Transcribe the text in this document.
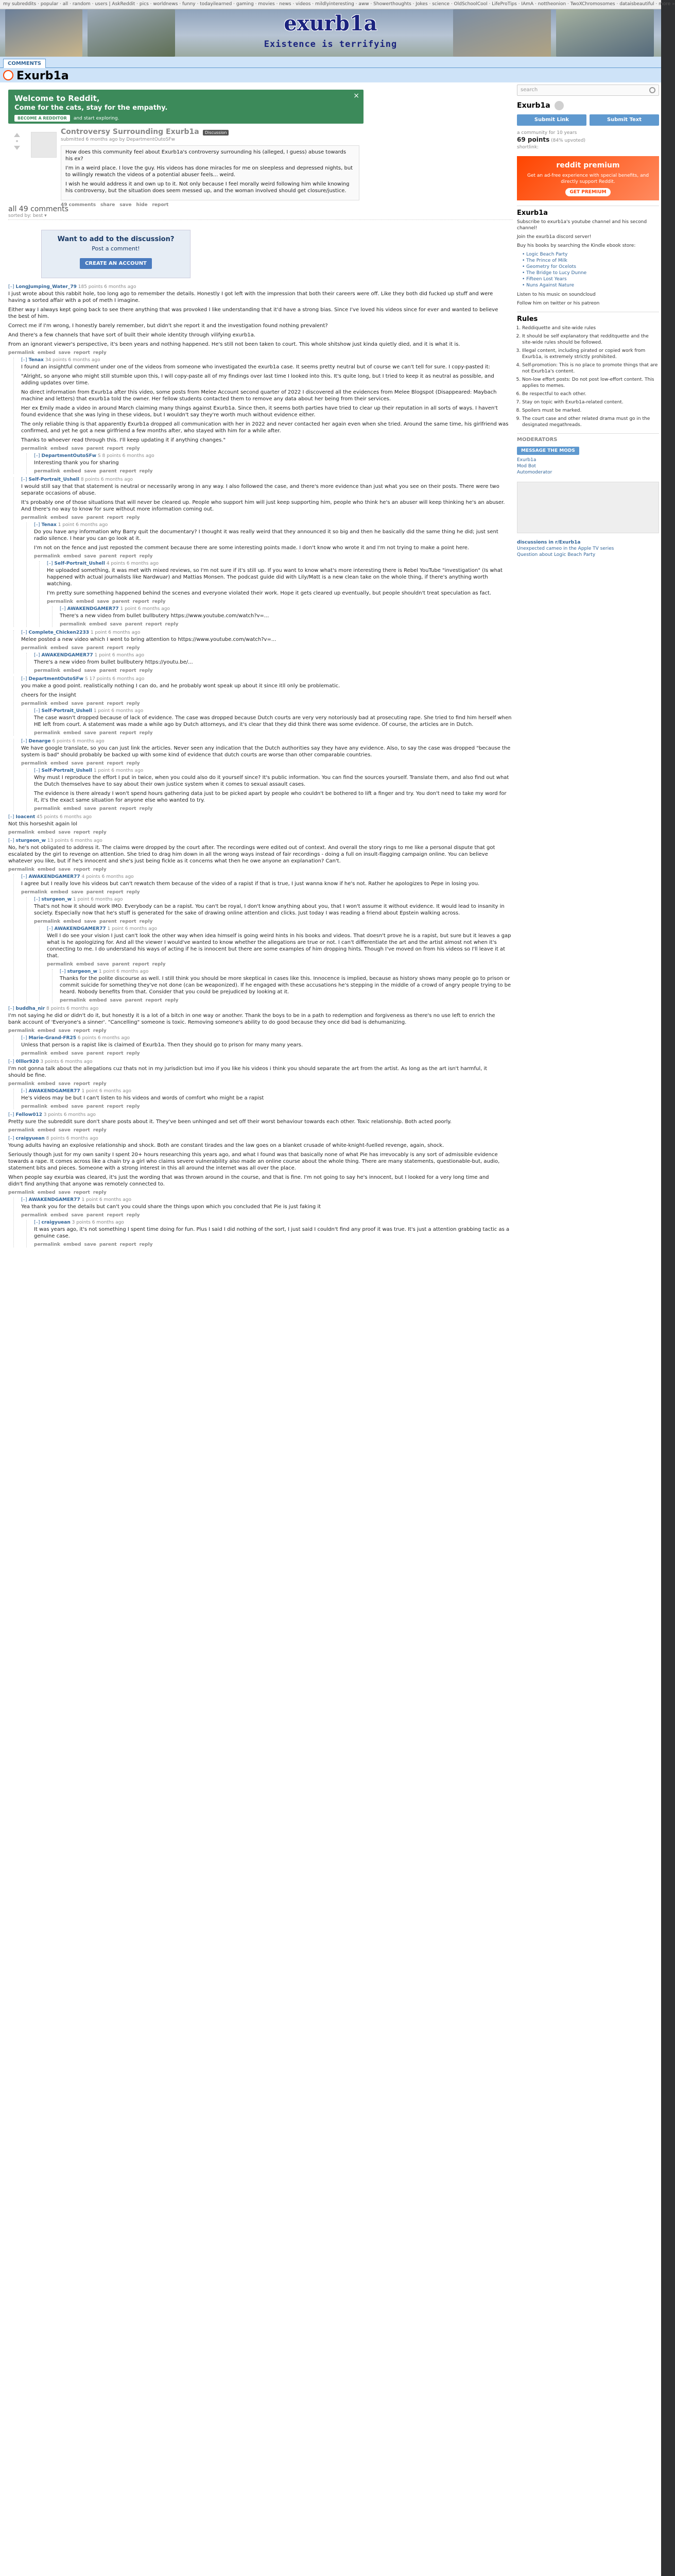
my subreddits · popular · all · random · users | AskReddit · pics · worldnews · funny · todayilearned · gaming · movies · news · videos · mildlyinteresting · aww · Showerthoughts · Jokes · science · OldSchoolCool · LifeProTips · IAmA · nottheonion · TwoXChromosomes · dataisbeautiful · more »
exurb1a
Existence is terrifying
COMMENTS
Exurb1a
Welcome to Reddit,
Come for the cats, stay for the empathy.
BECOME A REDDITOR and start exploring.
×
•
Controversy Surrounding Exurb1a Discussion
submitted 6 months ago by DepartmentOutoSFw

How does this community feel about Exurb1a's controversy surrounding his (alleged, I guess) abuse towards his ex?

I'm in a weird place. I love the guy. His videos has done miracles for me on sleepless and depressed nights, but to willingly rewatch the videos of a potential abuser feels... weird.

I wish he would address it and own up to it. Not only because I feel morally weird following him while knowing his controversy, but the situation does seem messed up, and the woman involved should get closure/justice.

49 comments share save hide report
all 49 comments
sorted by: best ▾
Want to add to the discussion?
Post a comment!
CREATE AN ACCOUNT
[–] LongJumping_Water_79 185 points 6 months ago

I just wrote about this rabbit hole, too long ago to remember the details. Honestly I got left with the impression that both their careers were off. Like they both did fucked up stuff and were having a sorted affair with a pot of meth I imagine.

Either way I always kept going back to see there anything that was provoked I like understanding that it'd have a strong bias. Since I've loved his videos since for ever and wanted to believe the best of him.

Correct me if I'm wrong, I honestly barely remember, but didn't she report it and the investigation found nothing prevalent?

And there's a few channels that have sort of built their whole identity through vilifying exurb1a.

From an ignorant viewer's perspective, it's been years and nothing happened. He's still not been taken to court. This whole shitshow just kinda quietly died, and it is what it is.

permalink embed save report reply
[–] Tenax 34 points 6 months ago

I found an insightful comment under one of the videos from someone who investigated the exurb1a case. It seems pretty neutral but of course we can't tell for sure. I copy-pasted it:

"Alright, so anyone who might still stumble upon this, I will copy-paste all of my findings over last time I looked into this. It's quite long, but I tried to keep it as neutral as possible, and adding updates over time.

No direct information from Exurb1a after this video, some posts from Melee Account second quarter of 2022 I discovered all the evidences from Melee Blogspot (Disappeared: Maybach machine and letters) that exurb1a told the owner. Her fellow students contacted them to remove any data about her being from their services.

Her ex Emily made a video in around March claiming many things against Exurb1a. Since then, it seems both parties have tried to clear up their reputation in all sorts of ways. I haven't found evidence that she was lying in these videos, but I wouldn't say they're worth much without evidence either.

The only reliable thing is that apparently Exurb1a dropped all communication with her in 2022 and never contacted her again even when she tried. Around the same time, his girlfriend was confirmed, and yet he got a new girlfriend a few months after, who stayed with him for a while after.

Thanks to whoever read through this. I'll keep updating it if anything changes."

permalink embed save parent report reply
[–] DepartmentOutoSFw S 8 points 6 months ago

Interesting thank you for sharing

permalink embed save parent report reply
[–] Self-Portrait_Ushell 8 points 6 months ago

I would still say that that statement is neutral or necessarily wrong in any way. I also followed the case, and there's more evidence than just what you see on their posts. There were two separate occasions of abuse.

It's probably one of those situations that will never be cleared up. People who support him will just keep supporting him, people who think he's an abuser will keep thinking he's an abuser. And there's no way to know for sure without more information coming out.

permalink embed save parent report reply
[–] Tenax 1 point 6 months ago

Do you have any information why Barry quit the documentary? I thought it was really weird that they announced it so big and then he basically did the same thing he did; just sent radio silence. I hear you can go look at it.

I'm not on the fence and just reposted the comment because there are some interesting points made. I don't know who wrote it and I'm not trying to make a point here.

permalink embed save parent report reply
[–] Self-Portrait_Ushell 4 points 6 months ago

He uploaded something, it was met with mixed reviews, so I'm not sure if it's still up. If you want to know what's more interesting there is Rebel YouTube "investigation" (Is what happened with actual journalists like Nardwuar) and Mattias Monsen. The podcast guide did with Lily/Matt is a new clean take on the whole thing, if there's anything worth watching.

I'm pretty sure something happened behind the scenes and everyone violated their work. Hope it gets cleared up eventually, but people shouldn't treat speculation as fact.

permalink embed save parent report reply
[–] AWAKENDGAMER77 1 point 6 months ago

There's a new video from bullet bullbutery https://www.youtube.com/watch?v=...

permalink embed save parent report reply
[–] Complete_Chicken2233 1 point 6 months ago

Melee posted a new video which I went to bring attention to https://www.youtube.com/watch?v=...

permalink embed save parent report reply
[–] AWAKENDGAMER77 1 point 6 months ago

There's a new video from bullet bullbutery https://youtu.be/...

permalink embed save parent report reply
[–] DepartmentOutoSFw S 17 points 6 months ago

you make a good point. realistically nothing I can do, and he probably wont speak up about it since itll only be problematic.

cheers for the insight

permalink embed save parent report reply
[–] Self-Portrait_Ushell 1 point 6 months ago

The case wasn't dropped because of lack of evidence. The case was dropped because Dutch courts are very very notoriously bad at prosecuting rape. She tried to find him herself when HE left from court. A statement was made a while ago by Dutch attorneys, and it's clear that they did think there was some evidence. Of course, the articles are in Dutch.

permalink embed save parent report reply
[–] Denarge 6 points 6 months ago

We have google translate, so you can just link the articles. Never seen any indication that the Dutch authorities say they have any evidence. Also, to say the case was dropped "because the system is bad" should probably be backed up with some kind of evidence that dutch courts are worse than other comparable countries.

permalink embed save parent report reply
[–] Self-Portrait_Ushell 1 point 6 months ago

Why must I reproduce the effort I put in twice, when you could also do it yourself since? It's public information. You can find the sources yourself. Translate them, and also find out what the Dutch themselves have to say about their own justice system when it comes to sexual assault cases.

The evidence is there already I won't spend hours gathering data just to be picked apart by people who couldn't be bothered to lift a finger and try. You don't need to take my word for it, it's the exact same situation for anyone else who wanted to try.

permalink embed save parent report reply
[–] Ioacent 45 points 6 months ago

Not this horseshit again lol

permalink embed save report reply
[–] sturgeon_w 13 points 6 months ago

No, he's not obligated to address it. The claims were dropped by the court after. The recordings were edited out of context. And overall the story rings to me like a personal dispute that got escalated by the girl to revenge on attention. She tried to drag him down in all the wrong ways instead of fair recordings - doing a full on insult-flagging campaign online. You can believe whatever you like, but if he's innocent and she's just being fickle as it concerns what then he owe anyone an explanation? Can't.

permalink embed save report reply
[–] AWAKENDGAMER77 4 points 6 months ago

I agree but I really love his videos but can't rewatch them because of the video of a rapist if that is true, I just wanna know if he's not. Rather he apologizes to Pepe in losing you.

permalink embed save parent report reply
[–] sturgeon_w 1 point 6 months ago

That's not how it should work IMO. Everybody can be a rapist. You can't be royal, I don't know anything about you, that I won't assume it without evidence. It would lead to insanity in society. Especially now that he's stuff is generated for the sake of drawing online attention and clicks. Just today I was reading a friend about Epstein walking across.

permalink embed save parent report reply
[–] AWAKENDGAMER77 1 point 6 months ago

Well I do see your vision I just can't look the other way when idea himself is going weird hints in his books and videos. That doesn't prove he is a rapist, but sure but it leaves a gap what is he apologizing for. And all the viewer I would've wanted to know whether the allegations are true or not. I can't differentiate the art and the artist almost not when it's connecting to me. I do understand his ways of acting if he is innocent but there are some examples of him dropping hints. Though I've moved on from his videos so I'll leave it at that.

permalink embed save parent report reply
[–] sturgeon_w 1 point 6 months ago

Thanks for the polite discourse as well. I still think you should be more skeptical in cases like this. Innocence is implied, because as history shows many people go to prison or commit suicide for something they've not done (can be weaponized). If he engaged with these accusations he's stepping in the middle of a crowd of angry people trying to be heard. Nobody benefits from that. Consider that you could be prejudiced by looking at it.

permalink embed save parent report reply
[–] buddha_nir 8 points 6 months ago

I'm not saying he did or didn't do it, but honestly it is a lot of a bitch in one way or another. Thank the boys to be in a path to redemption and forgiveness as there's no use left to enrich the bank account of 'Everyone's a sinner'. "Cancelling" someone is toxic. Removing someone's ability to do good because they once did bad is dehumanizing.

permalink embed save report reply
[–] Marie-Grand-FR25 6 points 6 months ago

Unless that person is a rapist like is claimed of Exurb1a. Then they should go to prison for many many years.

permalink embed save parent report reply
[–] 0lllor920 3 points 6 months ago

I'm not gonna talk about the allegations cuz thats not in my jurisdiction but imo if you like his videos i think you should separate the art from the artist. As long as the art isn't harmful, it should be fine.

permalink embed save report reply
[–] AWAKENDGAMER77 1 point 6 months ago

He's videos may be but I can't listen to his videos and words of comfort who might be a rapist

permalink embed save parent report reply
[–] Fellow012 3 points 6 months ago

Pretty sure the subreddit sure don't share posts about it. They've been unhinged and set off their worst behaviour towards each other. Toxic relationship. Both acted poorly.

permalink embed save report reply
[–] craigyuean 8 points 6 months ago

Young adults having an explosive relationship and shock. Both are constant tirades and the law goes on a blanket crusade of white-knight-fuelled revenge, again, shock.

Seriously though just for my own sanity I spent 20+ hours researching this years ago, and what I found was that basically none of what Pie has irrevocably is any sort of admissible evidence towards a rape. It comes across like a chain try a girl who claims severe vulnerability also made an online course about the whole thing. There are many statements, questionable-but, audio, statement bits and pieces. Someone with a strong interest in this all around the internet was all over the place.

When people say exurbia was cleared, it's just the wording that was thrown around in the course, and that is fine. I'm not going to say he's innocent, but I looked for a very long time and didn't find anything that anyone was remotely connected to.

permalink embed save report reply
[–] AWAKENDGAMER77 1 point 6 months ago

Yea thank you for the details but can't you could share the things upon which you concluded that Pie is just faking it

permalink embed save parent report reply
[–] craigyuean 3 points 6 months ago

It was years ago, it's not something I spent time doing for fun. Plus I said I did nothing of the sort, I just said I couldn't find any proof it was true. It's just a attention grabbing tactic as a genuine case.

permalink embed save parent report reply
search
Exurb1a
Submit Link	Submit Text
a community for 10 years
69 points (84% upvoted)
shortlink:
reddit premium
Get an ad-free experience with special benefits, and directly support Reddit.
GET PREMIUM
Exurb1a
Subscribe to exurb1a's youtube channel and his second channel!
Join the exurb1a discord server!
Buy his books by searching the Kindle ebook store:
• Logic Beach Party
• The Prince of Milk
• Geometry for Ocelots
• The Bridge to Lucy Dunne
• Fifteen Lost Years
• Nuns Against Nature
Listen to his music on soundcloud
Follow him on twitter or his patreon
Rules
1. Reddiquette and site-wide rules
2. It should be self explanatory that redditquette and the site-wide rules should be followed.
3. Illegal content, including pirated or copied work from Exurb1a, is extremely strictly prohibited.
4. Self-promotion: This is no place to promote things that are not Exurb1a's content.
5. Non-low effort posts: Do not post low-effort content. This applies to memes.
6. Be respectful to each other.
7. Stay on topic with Exurb1a-related content.
8. Spoilers must be marked.
9. The court case and other related drama must go in the designated megathreads.
MODERATORS
MESSAGE THE MODS
Exurb1a
Mod Bot
Automoderator
discussions in r/Exurb1a
Unexpected cameo in the Apple TV series
Question about Logic Beach Party
